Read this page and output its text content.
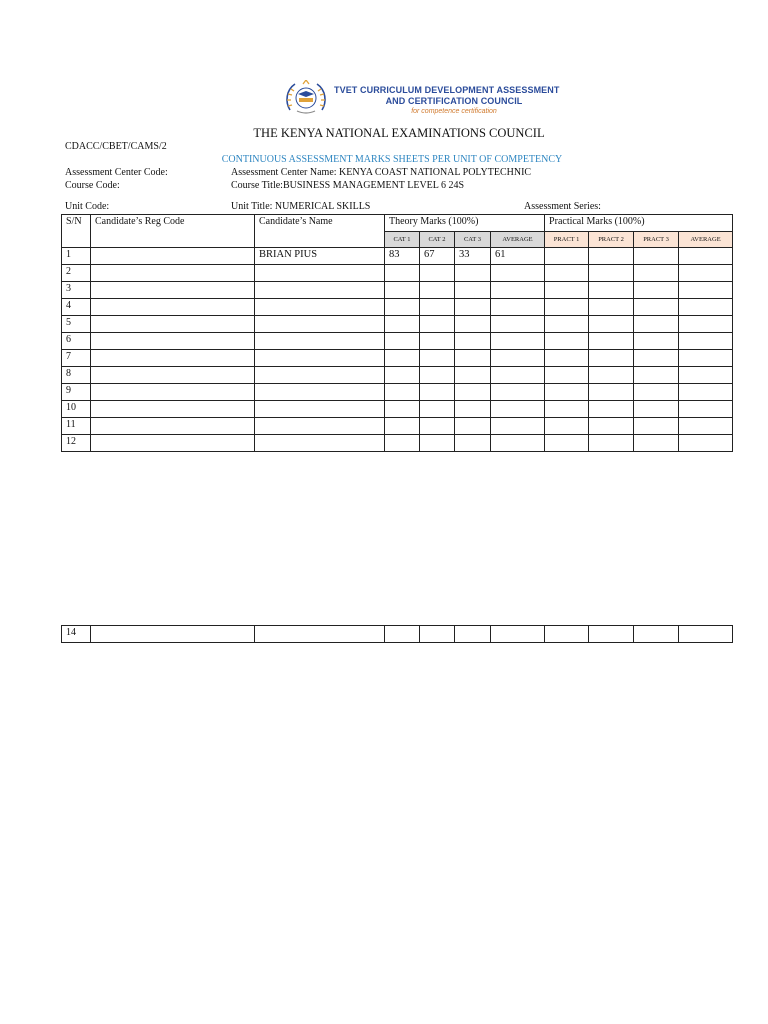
TVET CURRICULUM DEVELOPMENT ASSESSMENT
AND CERTIFICATION COUNCIL
for competence certification
THE KENYA NATIONAL EXAMINATIONS COUNCIL
CDACC/CBET/CAMS/2
CONTINUOUS ASSESSMENT MARKS SHEETS PER UNIT OF COMPETENCY
Assessment Center Code:	Assessment Center Name: KENYA COAST NATIONAL POLYTECHNIC
Course Code:	Course Title:BUSINESS MANAGEMENT LEVEL 6 24S
Unit Code:	Unit Title: NUMERICAL SKILLS	Assessment Series:
S/N	Candidate’s Reg Code	Candidate’s Name	Theory Marks (100%)				Practical Marks (100%)			
			CAT 1	CAT 2	CAT 3	AVERAGE	PRACT 1	PRACT 2	PRACT 3	AVERAGE
1		BRIAN PIUS	83	67	33	61				
2										
3										
4										
5										
6										
7										
8										
9										
10										
11										
12										
14										
